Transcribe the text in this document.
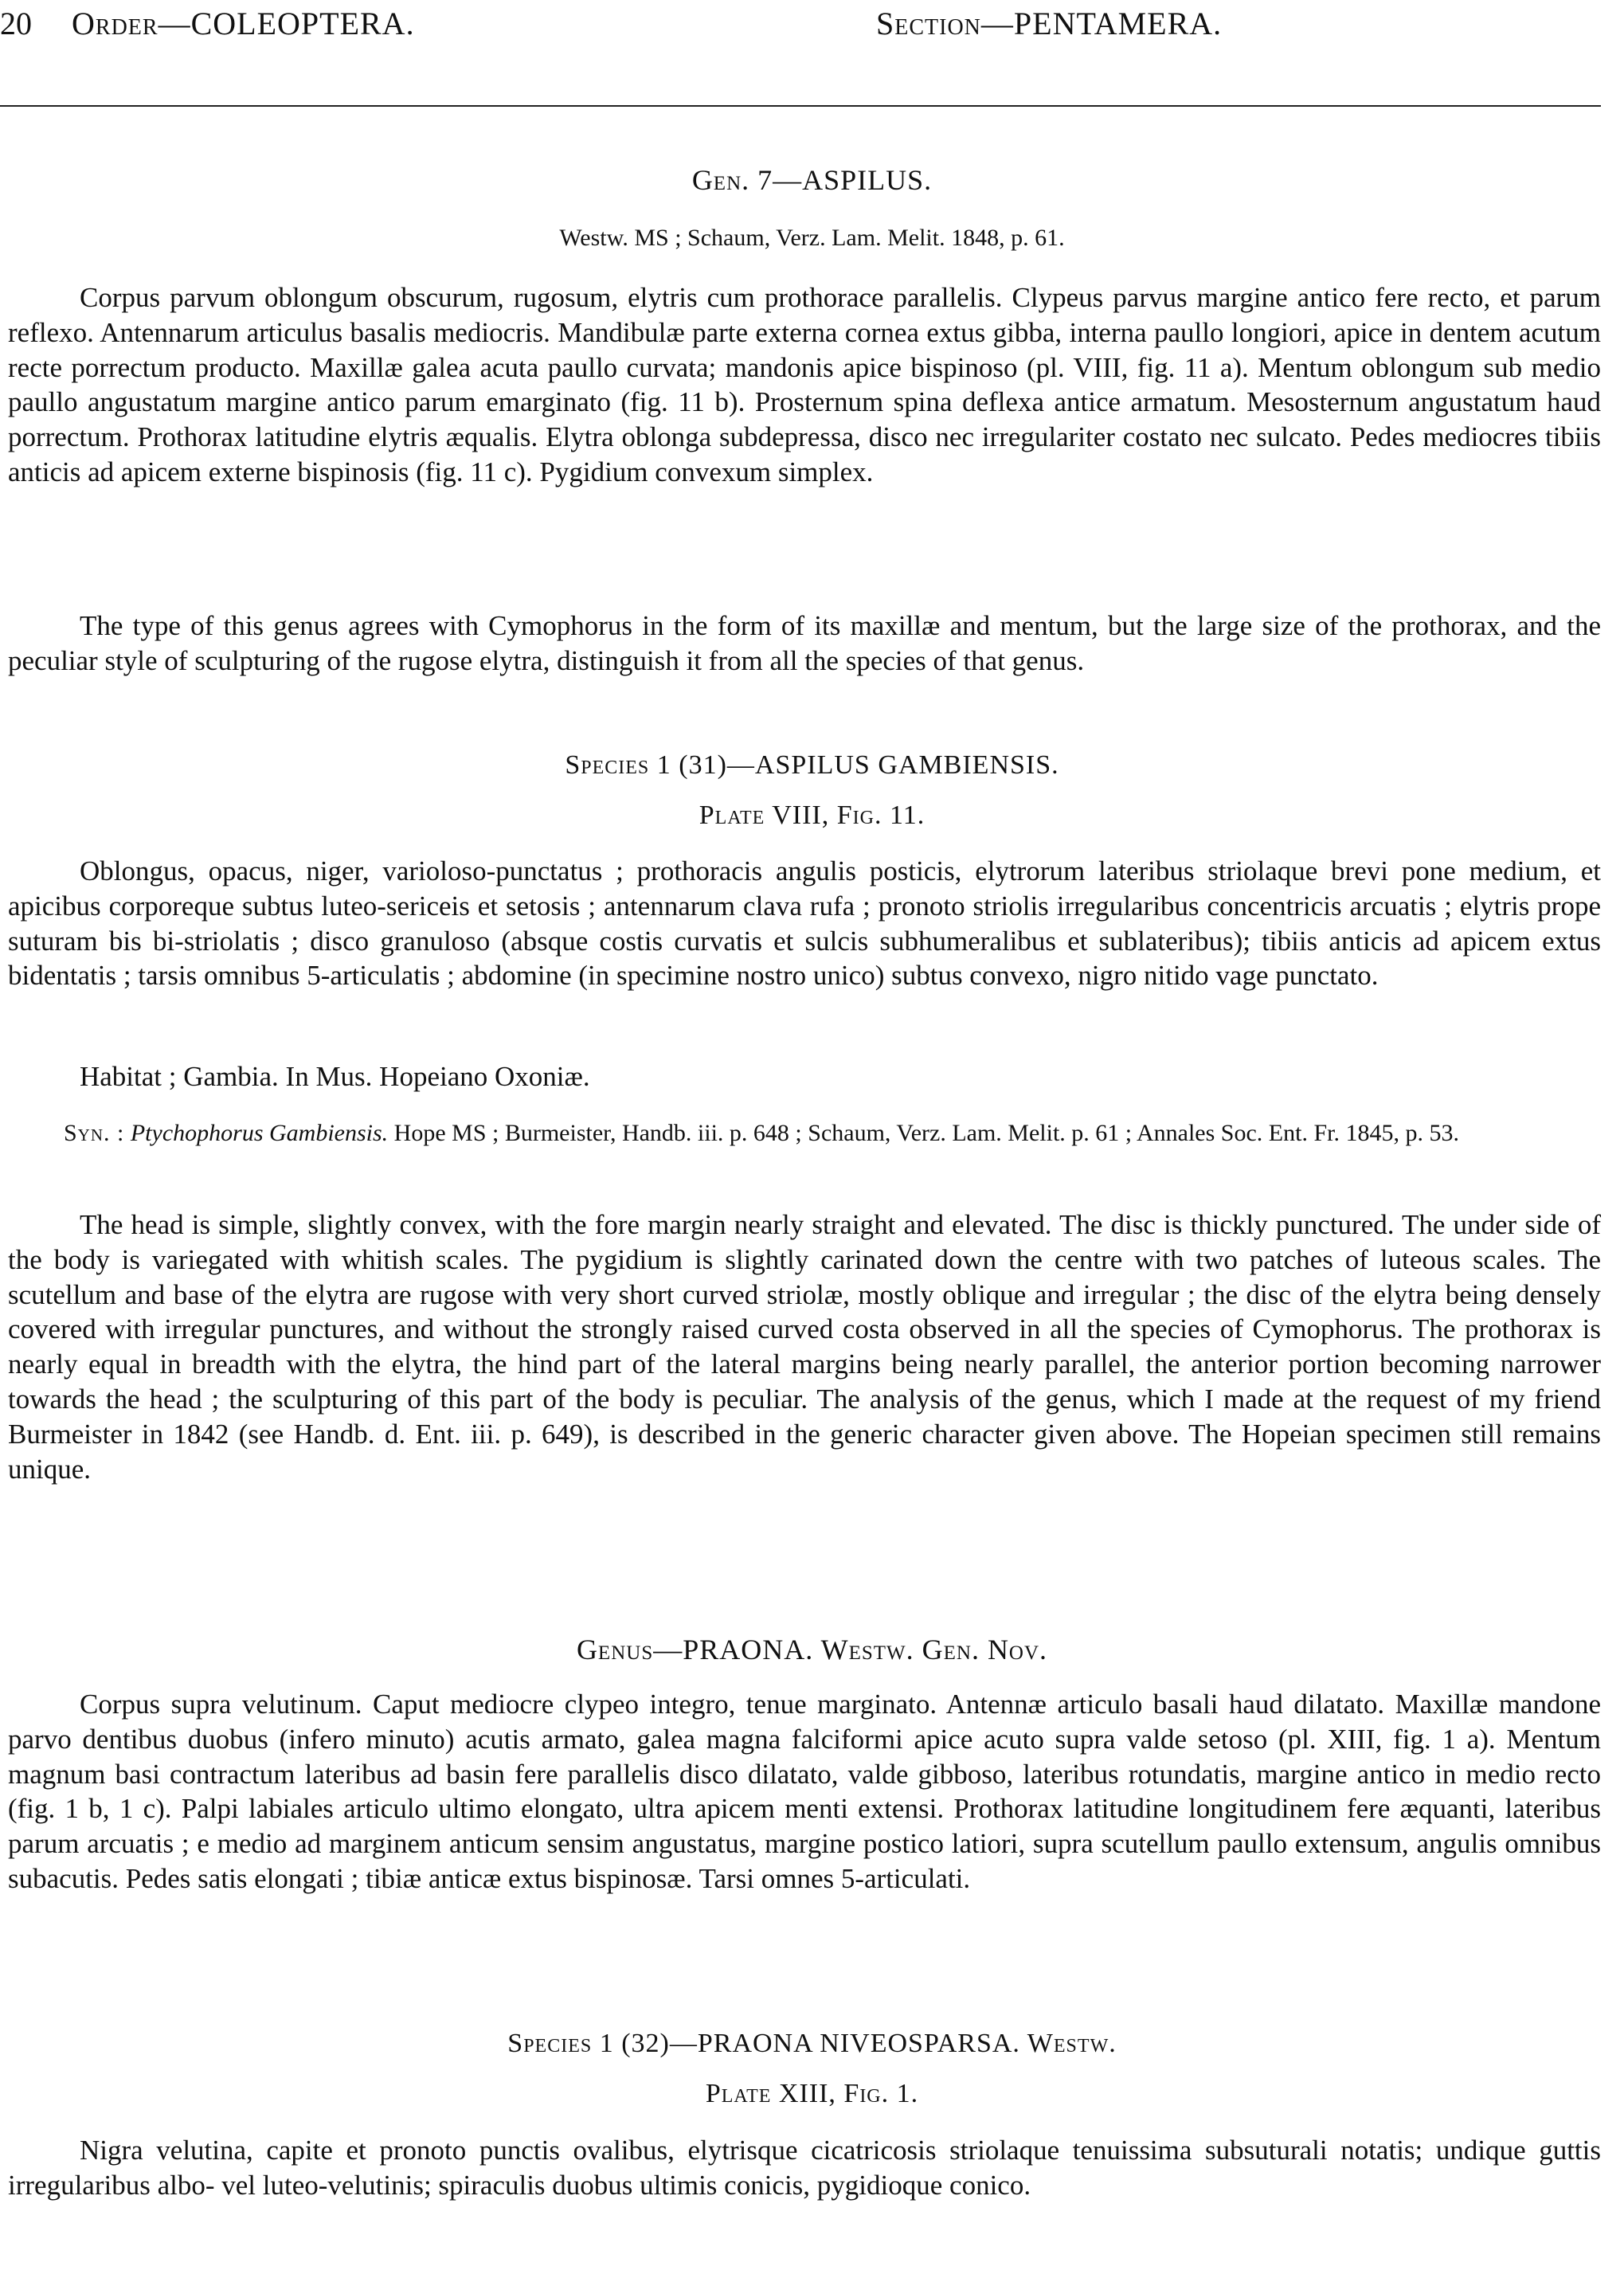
20 Order—COLEOPTERA.	Section—PENTAMERA.
Gen. 7—ASPILUS.
Westw. MS ; Schaum, Verz. Lam. Melit. 1848, p. 61.
Corpus parvum oblongum obscurum, rugosum, elytris cum prothorace parallelis. Clypeus parvus margine antico fere recto, et parum reflexo. Antennarum articulus basalis mediocris. Mandibulæ parte externa cornea extus gibba, interna paullo longiori, apice in dentem acutum recte porrectum producto. Maxillæ galea acuta paullo curvata; mandonis apice bispinoso (pl. VIII, fig. 11 a). Mentum oblongum sub medio paullo angustatum margine antico parum emarginato (fig. 11 b). Prosternum spina deflexa antice armatum. Mesosternum angustatum haud porrectum. Prothorax latitudine elytris æqualis. Elytra oblonga subdepressa, disco nec irregulariter costato nec sulcato. Pedes mediocres tibiis anticis ad apicem externe bispinosis (fig. 11 c). Pygidium convexum simplex.
The type of this genus agrees with Cymophorus in the form of its maxillæ and mentum, but the large size of the prothorax, and the peculiar style of sculpturing of the rugose elytra, distinguish it from all the species of that genus.
Species 1 (31)—ASPILUS GAMBIENSIS.
Plate VIII, Fig. 11.
Oblongus, opacus, niger, varioloso-punctatus ; prothoracis angulis posticis, elytrorum lateribus striolaque brevi pone medium, et apicibus corporeque subtus luteo-sericeis et setosis ; antennarum clava rufa ; pronoto striolis irregularibus concentricis arcuatis ; elytris prope suturam bis bi-striolatis ; disco granuloso (absque costis curvatis et sulcis subhumeralibus et sublateribus); tibiis anticis ad apicem extus bidentatis ; tarsis omnibus 5-articulatis ; abdomine (in specimine nostro unico) subtus convexo, nigro nitido vage punctato.
Habitat ; Gambia. In Mus. Hopeiano Oxoniæ.
Syn. : Ptychophorus Gambiensis. Hope MS ; Burmeister, Handb. iii. p. 648 ; Schaum, Verz. Lam. Melit. p. 61 ; Annales Soc. Ent. Fr. 1845, p. 53.
The head is simple, slightly convex, with the fore margin nearly straight and elevated. The disc is thickly punctured. The under side of the body is variegated with whitish scales. The pygidium is slightly carinated down the centre with two patches of luteous scales. The scutellum and base of the elytra are rugose with very short curved striolæ, mostly oblique and irregular ; the disc of the elytra being densely covered with irregular punctures, and without the strongly raised curved costa observed in all the species of Cymophorus. The prothorax is nearly equal in breadth with the elytra, the hind part of the lateral margins being nearly parallel, the anterior portion becoming narrower towards the head ; the sculpturing of this part of the body is peculiar. The analysis of the genus, which I made at the request of my friend Burmeister in 1842 (see Handb. d. Ent. iii. p. 649), is described in the generic character given above. The Hopeian specimen still remains unique.
Genus—PRAONA. Westw. Gen. Nov.
Corpus supra velutinum. Caput mediocre clypeo integro, tenue marginato. Antennæ articulo basali haud dilatato. Maxillæ mandone parvo dentibus duobus (infero minuto) acutis armato, galea magna falciformi apice acuto supra valde setoso (pl. XIII, fig. 1 a). Mentum magnum basi contractum lateribus ad basin fere parallelis disco dilatato, valde gibboso, lateribus rotundatis, margine antico in medio recto (fig. 1 b, 1 c). Palpi labiales articulo ultimo elongato, ultra apicem menti extensi. Prothorax latitudine longitudinem fere æquanti, lateribus parum arcuatis ; e medio ad marginem anticum sensim angustatus, margine postico latiori, supra scutellum paullo extensum, angulis omnibus subacutis. Pedes satis elongati ; tibiæ anticæ extus bispinosæ. Tarsi omnes 5-articulati.
Species 1 (32)—PRAONA NIVEOSPARSA. Westw.
Plate XIII, Fig. 1.
Nigra velutina, capite et pronoto punctis ovalibus, elytrisque cicatricosis striolaque tenuissima subsuturali notatis; undique guttis irregularibus albo- vel luteo-velutinis; spiraculis duobus ultimis conicis, pygidioque conico.
